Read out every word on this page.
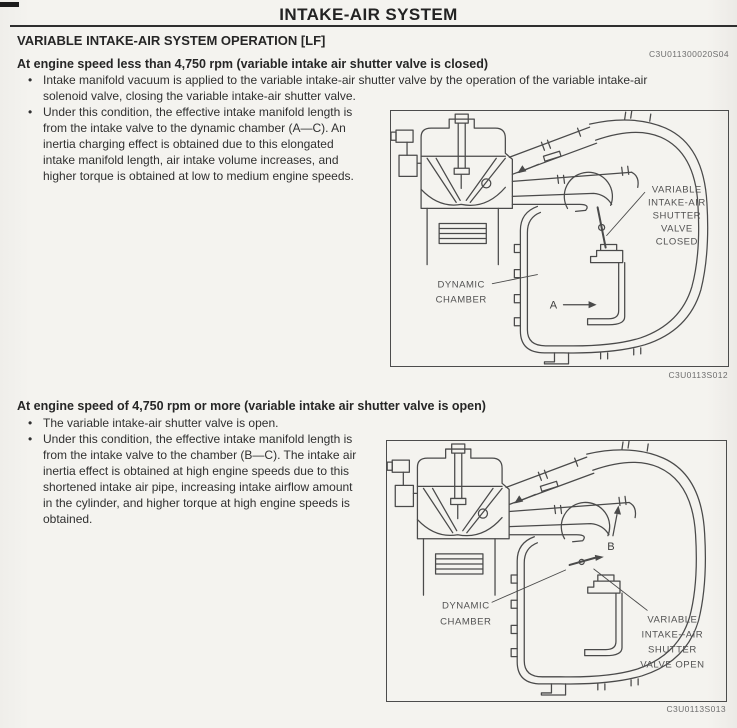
INTAKE-AIR SYSTEM
VARIABLE INTAKE-AIR SYSTEM OPERATION [LF]
C3U011300020S04
At engine speed less than 4,750 rpm (variable intake air shutter valve is closed)
•
Intake manifold vacuum is applied to the variable intake-air shutter valve by the operation of the variable intake-air solenoid valve, closing the variable intake-air shutter valve.
•
Under this condition, the effective intake manifold length is from the intake valve to the dynamic chamber (A—C). An inertia charging effect is obtained due to this elongated intake manifold length, air intake volume increases, and higher torque is obtained at low to medium engine speeds.
A
VARIABLE
INTAKE-AIR
SHUTTER
VALVE
CLOSED
DYNAMIC
CHAMBER
C3U0113S012
At engine speed of 4,750 rpm or more (variable intake air shutter valve is open)
•
The variable intake-air shutter valve is open.
•
Under this condition, the effective intake manifold length is from the intake valve to the chamber (B—C). The intake air inertia effect is obtained at high engine speeds due to this shortened intake air pipe, increasing intake airflow amount in the cylinder, and higher torque at high engine speeds is obtained.
B
DYNAMIC
CHAMBER	VARIABLE
INTAKE--AIR
SHUTTER
VALVE OPEN
C3U0113S013
